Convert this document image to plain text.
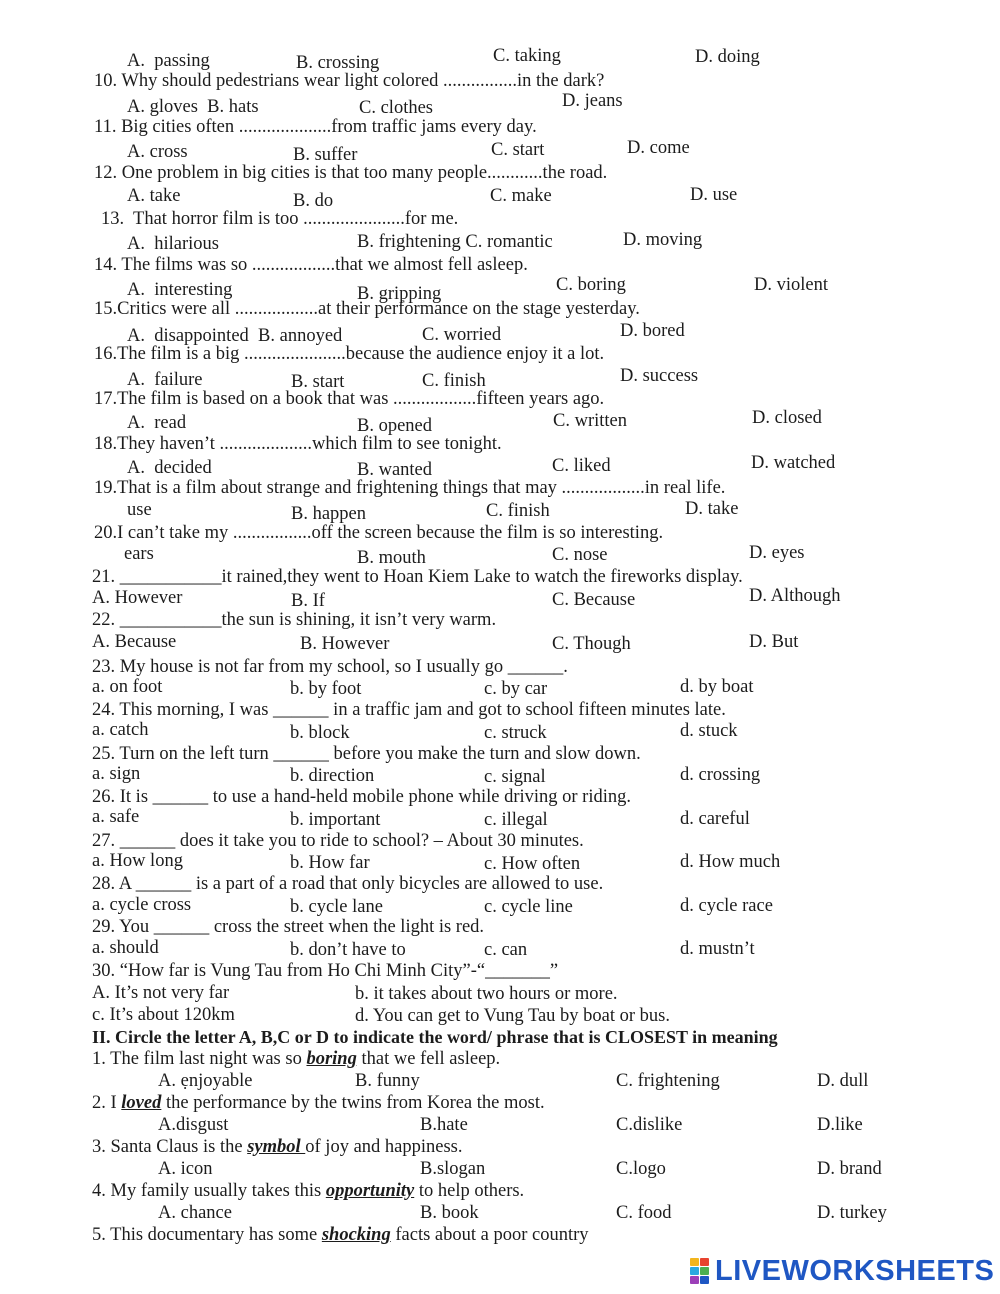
A.  passing	B. crossing	C. taking	D. doing
10. Why should pedestrians wear light colored ................in the dark?
A. gloves  B. hats	C. clothes	D. jeans
11. Big cities often ....................from traffic jams every day.
A. cross	B. suffer	C. start	D. come
12. One problem in big cities is that too many people............the road.
A. take	B. do	C. make	D. use
13.  That horror film is too ......................for me.
A.  hilarious	B. frightening C. romantic	D. moving
14. The films was so ..................that we almost fell asleep.
A.  interesting	B. gripping	C. boring	D. violent
15.Critics were all ..................at their performance on the stage yesterday.
A.  disappointed  B. annoyed	C. worried	D. bored
16.The film is a big ......................because the audience enjoy it a lot.
A.  failure	B. start	C. finish	D. success
17.The film is based on a book that was ..................fifteen years ago.
A.  read	B. opened	C. written	D. closed
18.They haven’t ....................which film to see tonight.
A.  decided	B. wanted	C. liked	D. watched
19.That is a film about strange and frightening things that may ..................in real life.
use	B. happen	C. finish	D. take
20.I can’t take my .................off the screen because the film is so interesting.
ears	B. mouth	C. nose	D. eyes
21. ___________it rained,they went to Hoan Kiem Lake to watch the fireworks display.
A. However	B. If	C. Because	D. Although
22. ___________the sun is shining, it isn’t very warm.
A. Because	B. However	C. Though	D. But
23. My house is not far from my school, so I usually go ______.
a. on foot	b. by foot	c. by car	d. by boat
24. This morning, I was ______ in a traffic jam and got to school fifteen minutes late.
a. catch	b. block	c. struck	d. stuck
25. Turn on the left turn ______ before you make the turn and slow down.
a. sign	b. direction	c. signal	d. crossing
26. It is ______ to use a hand-held mobile phone while driving or riding.
a. safe	b. important	c. illegal	d. careful
27. ______ does it take you to ride to school? – About 30 minutes.
a. How long	b. How far	c. How often	d. How much
28. A ______ is a part of a road that only bicycles are allowed to use.
a. cycle cross	b. cycle lane	c. cycle line	d. cycle race
29. You ______ cross the street when the light is red.
a. should	b. don’t have to	c. can	d. mustn’t
30. “How far is Vung Tau from Ho Chi Minh City”-“_______”
A. It’s not very far	b. it takes about two hours or more.
c. It’s about 120km	d. You can get to Vung Tau by boat or bus.
II. Circle the letter A, B,C or D to indicate the word/ phrase that is CLOSEST in meaning
1. The film last night was so boring that we fell asleep.
A. ẹnjoyable	B. funny	C. frightening	D. dull
2. I loved the performance by the twins from Korea the most.
A.disgust	B.hate	C.dislike	D.like
3. Santa Claus is the symbol of joy and happiness.
A. icon	B.slogan	C.logo	D. brand
4. My family usually takes this opportunity to help others.
A. chance	B. book	C. food	D. turkey
5. This documentary has some shocking facts about a poor country
LIVEWORKSHEETS
